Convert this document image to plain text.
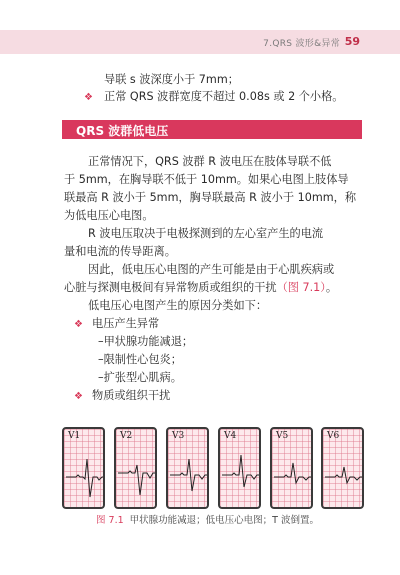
7.QRS 波形&异常 59
导联 s 波深度小于 7mm；
❖ 正常 QRS 波群宽度不超过 0.08s 或 2 个小格。
QRS 波群低电压
正常情况下，QRS 波群 R 波电压在肢体导联不低
于 5mm，在胸导联不低于 10mm。如果心电图上肢体导
联最高 R 波小于 5mm，胸导联最高 R 波小于 10mm，称
为低电压心电图。
R 波电压取决于电极探测到的左心室产生的电流
量和电流的传导距离。
因此，低电压心电图的产生可能是由于心肌疾病或
心脏与探测电极间有异常物质或组织的干扰（图 7.1）。
低电压心电图产生的原因分类如下：
❖ 电压产生异常
–甲状腺功能减退；
–限制性心包炎；
–扩张型心肌病。
❖ 物质或组织干扰
V1	V2	V3	V4	V5	V6
图 7.1 甲状腺功能减退；低电压心电图；T 波倒置。
